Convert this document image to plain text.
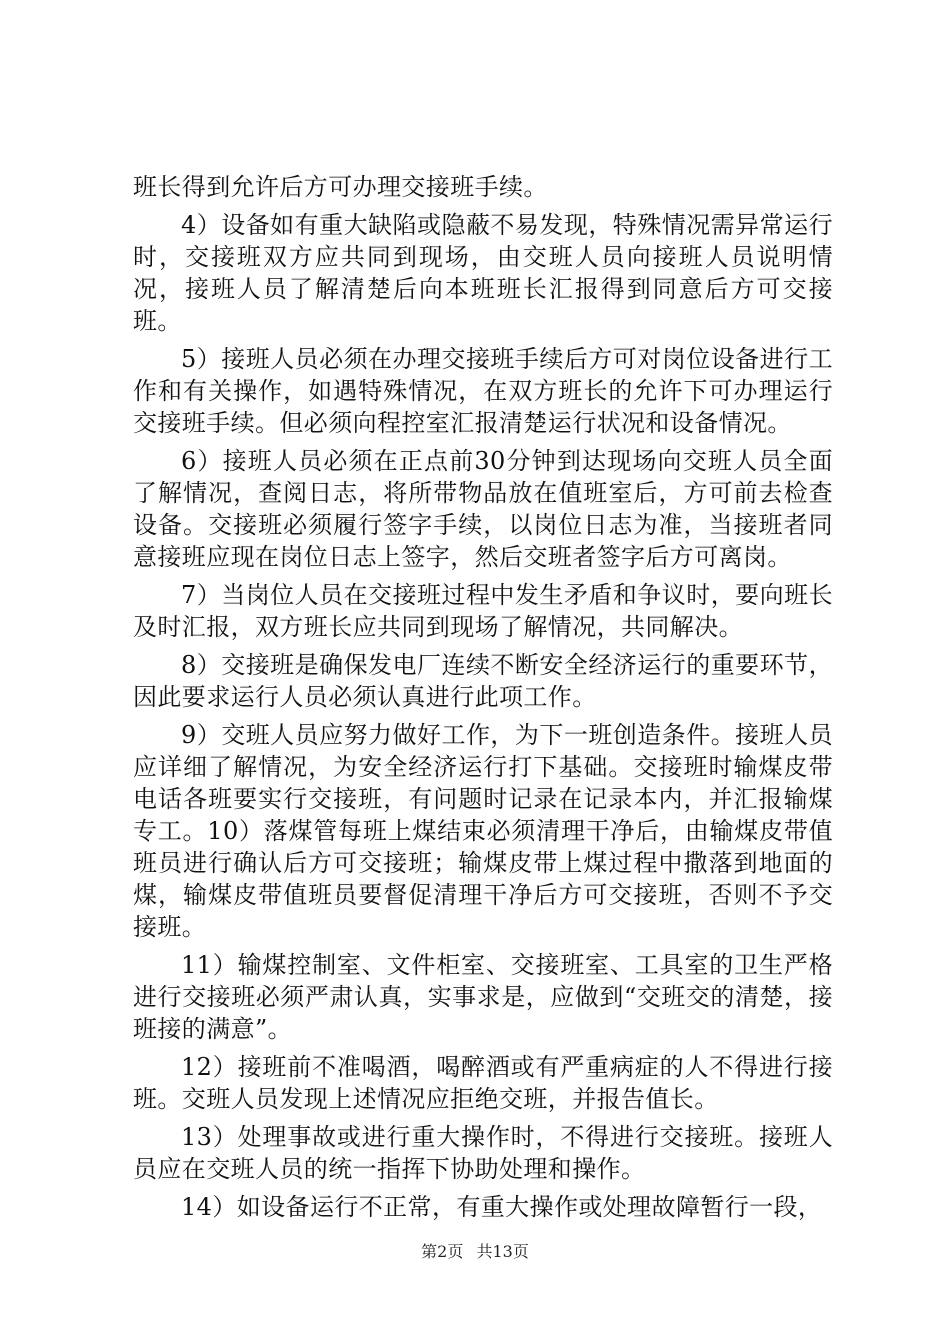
班长得到允许后方可办理交接班手续。

4）设备如有重大缺陷或隐蔽不易发现，特殊情况需异常运行时，交接班双方应共同到现场，由交班人员向接班人员说明情况，接班人员了解清楚后向本班班长汇报得到同意后方可交接班。

5）接班人员必须在办理交接班手续后方可对岗位设备进行工作和有关操作，如遇特殊情况，在双方班长的允许下可办理运行交接班手续。但必须向程控室汇报清楚运行状况和设备情况。

6）接班人员必须在正点前30分钟到达现场向交班人员全面了解情况，查阅日志，将所带物品放在值班室后，方可前去检查设备。交接班必须履行签字手续，以岗位日志为准，当接班者同意接班应现在岗位日志上签字，然后交班者签字后方可离岗。

7）当岗位人员在交接班过程中发生矛盾和争议时，要向班长及时汇报，双方班长应共同到现场了解情况，共同解决。

8）交接班是确保发电厂连续不断安全经济运行的重要环节，因此要求运行人员必须认真进行此项工作。

9）交班人员应努力做好工作，为下一班创造条件。接班人员应详细了解情况，为安全经济运行打下基础。交接班时输煤皮带电话各班要实行交接班，有问题时记录在记录本内，并汇报输煤专工。10）落煤管每班上煤结束必须清理干净后，由输煤皮带值班员进行确认后方可交接班；输煤皮带上煤过程中撒落到地面的煤，输煤皮带值班员要督促清理干净后方可交接班，否则不予交接班。

11）输煤控制室、文件柜室、交接班室、工具室的卫生严格进行交接班必须严肃认真，实事求是，应做到“交班交的清楚，接班接的满意”。

12）接班前不准喝酒，喝醉酒或有严重病症的人不得进行接班。交班人员发现上述情况应拒绝交班，并报告值长。

13）处理事故或进行重大操作时，不得进行交接班。接班人员应在交班人员的统一指挥下协助处理和操作。

14）如设备运行不正常，有重大操作或处理故障暂行一段，

第2页 共13页
